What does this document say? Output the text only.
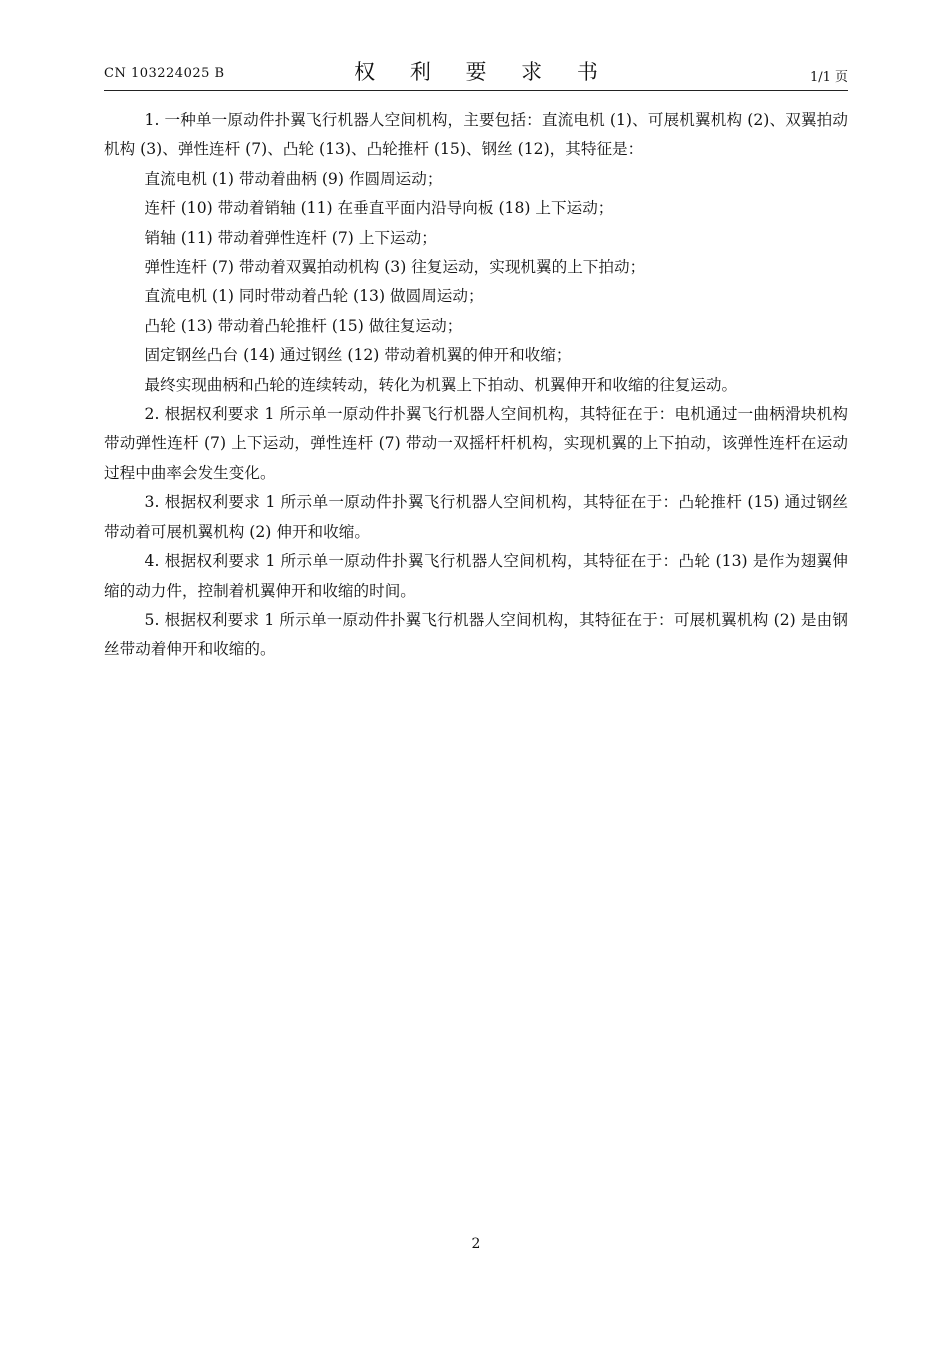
CN 103224025 B	权 利 要 求 书	1/1 页

1. 一种单一原动件扑翼飞行机器人空间机构，主要包括：直流电机 (1)、可展机翼机构 (2)、双翼拍动机构 (3)、弹性连杆 (7)、凸轮 (13)、凸轮推杆 (15)、钢丝 (12)，其特征是：

直流电机 (1) 带动着曲柄 (9) 作圆周运动；

连杆 (10) 带动着销轴 (11) 在垂直平面内沿导向板 (18) 上下运动；

销轴 (11) 带动着弹性连杆 (7) 上下运动；

弹性连杆 (7) 带动着双翼拍动机构 (3) 往复运动，实现机翼的上下拍动；

直流电机 (1) 同时带动着凸轮 (13) 做圆周运动；

凸轮 (13) 带动着凸轮推杆 (15) 做往复运动；

固定钢丝凸台 (14) 通过钢丝 (12) 带动着机翼的伸开和收缩；

最终实现曲柄和凸轮的连续转动，转化为机翼上下拍动、机翼伸开和收缩的往复运动。

2. 根据权利要求 1 所示单一原动件扑翼飞行机器人空间机构，其特征在于：电机通过一曲柄滑块机构带动弹性连杆 (7) 上下运动，弹性连杆 (7) 带动一双摇杆杆机构，实现机翼的上下拍动，该弹性连杆在运动过程中曲率会发生变化。

3. 根据权利要求 1 所示单一原动件扑翼飞行机器人空间机构，其特征在于：凸轮推杆 (15) 通过钢丝带动着可展机翼机构 (2) 伸开和收缩。

4. 根据权利要求 1 所示单一原动件扑翼飞行机器人空间机构，其特征在于：凸轮 (13) 是作为翅翼伸缩的动力件，控制着机翼伸开和收缩的时间。

5. 根据权利要求 1 所示单一原动件扑翼飞行机器人空间机构，其特征在于：可展机翼机构 (2) 是由钢丝带动着伸开和收缩的。

2
